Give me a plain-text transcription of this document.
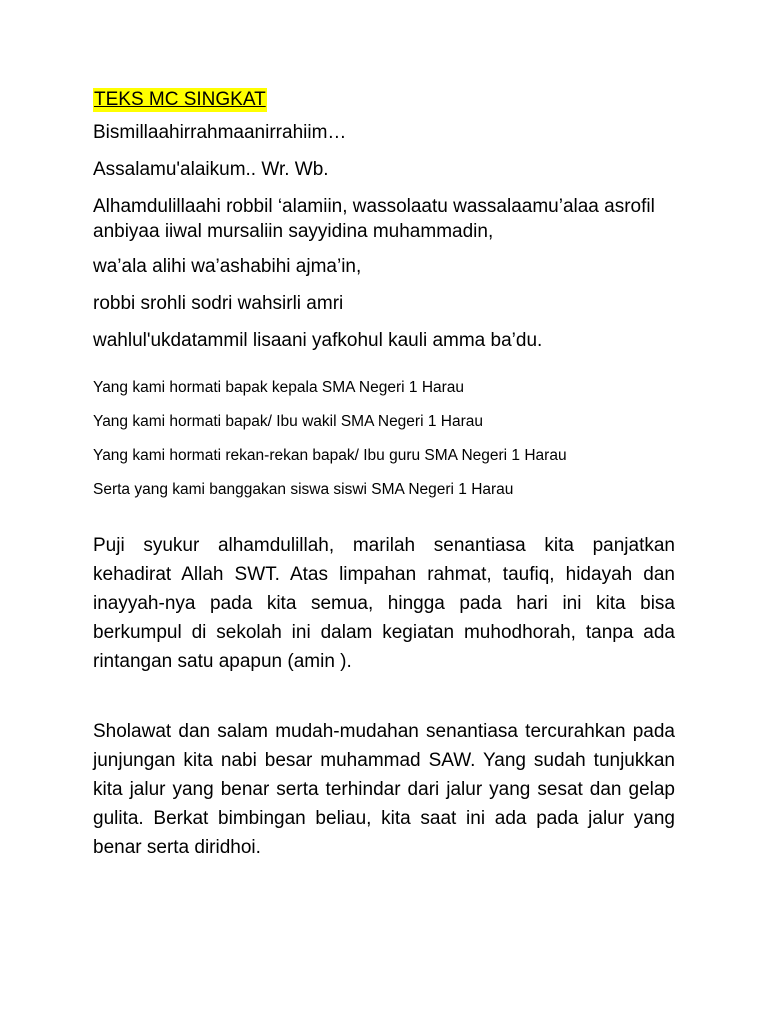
TEKS MC SINGKAT
Bismillaahirrahmaanirrahiim…
Assalamu'alaikum.. Wr. Wb.
Alhamdulillaahi robbil ‘alamiin, wassolaatu wassalaamu’alaa asrofil anbiyaa iiwal mursaliin sayyidina muhammadin,
wa’ala alihi wa’ashabihi ajma’in,
robbi srohli sodri wahsirli amri
wahlul'ukdatammil lisaani yafkohul kauli amma ba’du.
Yang kami hormati bapak kepala SMA Negeri 1 Harau
Yang kami hormati bapak/ Ibu wakil SMA Negeri 1 Harau
Yang kami hormati rekan-rekan bapak/ Ibu guru SMA Negeri 1 Harau
Serta yang kami banggakan siswa siswi SMA Negeri 1 Harau

Puji syukur alhamdulillah, marilah senantiasa kita panjatkan kehadirat Allah SWT. Atas limpahan rahmat, taufiq, hidayah dan inayyah-nya pada kita semua, hingga pada hari ini kita bisa berkumpul di sekolah ini dalam kegiatan muhodhorah, tanpa ada rintangan satu apapun (amin ).

Sholawat dan salam mudah-mudahan senantiasa tercurahkan pada junjungan kita nabi besar muhammad SAW. Yang sudah tunjukkan kita jalur yang benar serta terhindar dari jalur yang sesat dan gelap gulita. Berkat bimbingan beliau, kita saat ini ada pada jalur yang benar serta diridhoi.
